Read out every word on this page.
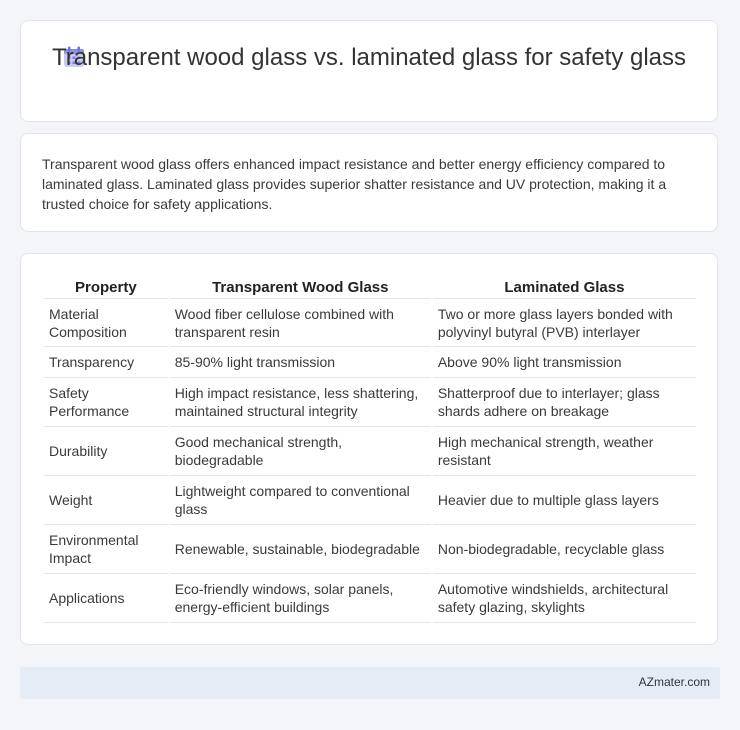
Transparent wood glass vs. laminated glass for safety glass

Transparent wood glass offers enhanced impact resistance and better energy efficiency compared to laminated glass. Laminated glass provides superior shatter resistance and UV protection, making it a trusted choice for safety applications.

Property	Transparent Wood Glass	Laminated Glass
Material Composition	Wood fiber cellulose combined with transparent resin	Two or more glass layers bonded with polyvinyl butyral (PVB) interlayer
Transparency	85-90% light transmission	Above 90% light transmission
Safety Performance	High impact resistance, less shattering, maintained structural integrity	Shatterproof due to interlayer; glass shards adhere on breakage
Durability	Good mechanical strength, biodegradable	High mechanical strength, weather resistant
Weight	Lightweight compared to conventional glass	Heavier due to multiple glass layers
Environmental Impact	Renewable, sustainable, biodegradable	Non-biodegradable, recyclable glass
Applications	Eco-friendly windows, solar panels, energy-efficient buildings	Automotive windshields, architectural safety glazing, skylights
AZmater.com
